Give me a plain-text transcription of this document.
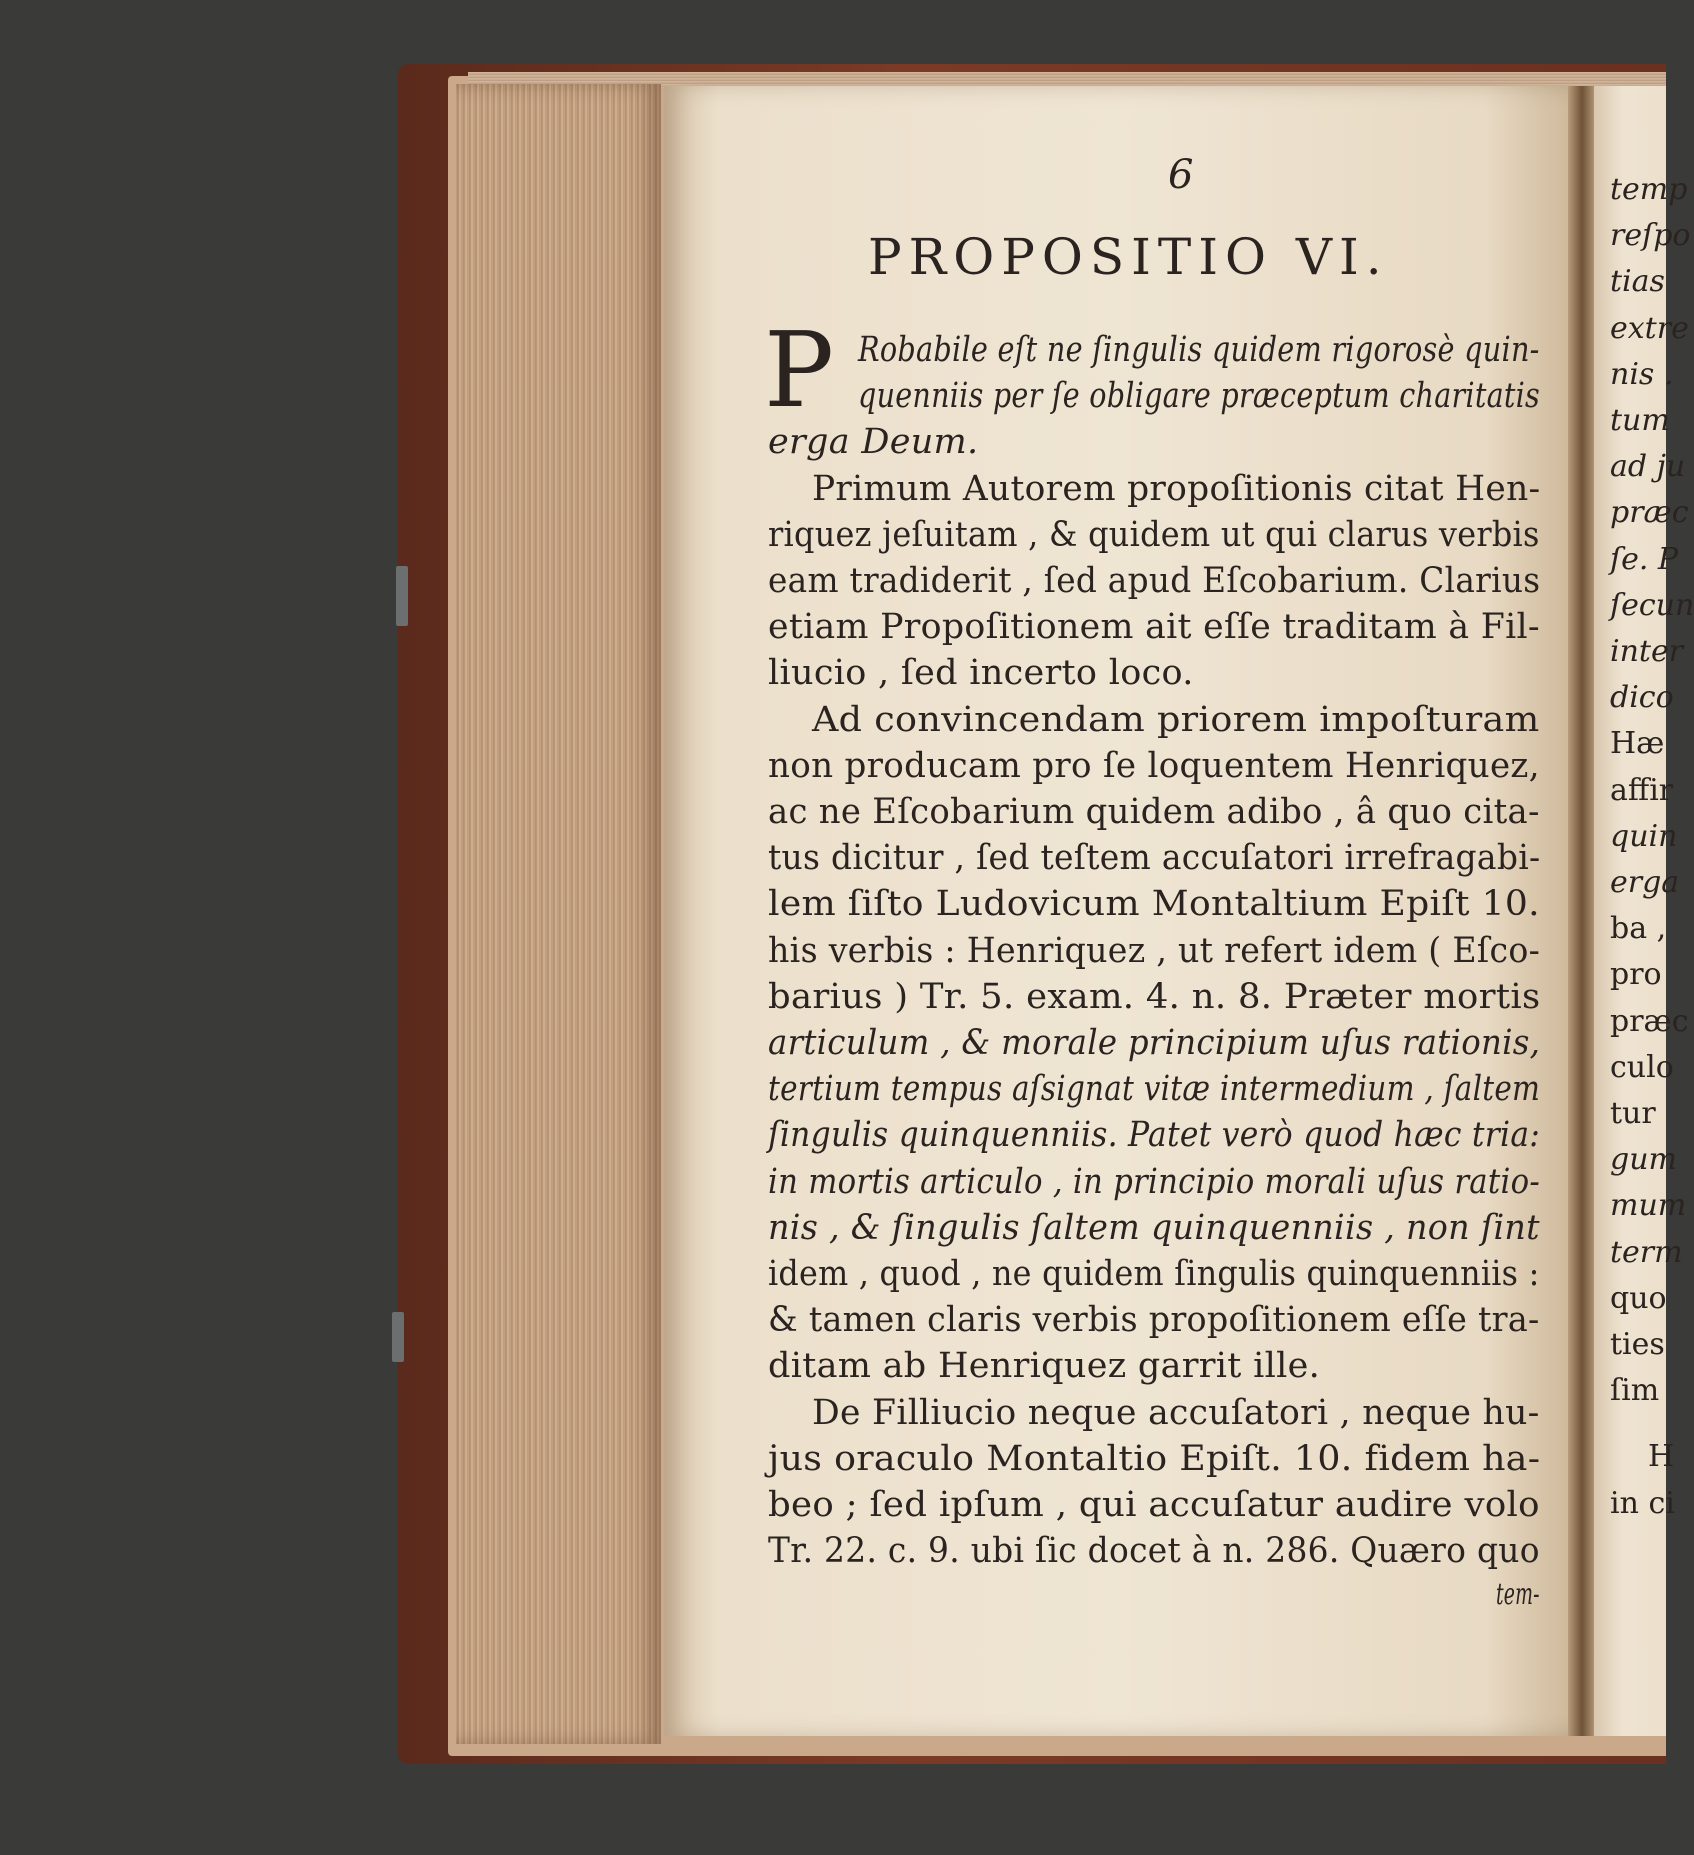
6
PROPOSITIO VI.
P Robabile eſt ne ſingulis quidem rigorosè quin-
quenniis per ſe obligare præceptum charitatis
erga Deum.
Primum Autorem propoſitionis citat Hen-
riquez jeſuitam , & quidem ut qui clarus verbis
eam tradiderit , ſed apud Eſcobarium. Clarius
etiam Propoſitionem ait eſſe traditam à Fil-
liucio , ſed incerto loco.
Ad convincendam priorem impoſturam
non producam pro ſe loquentem Henriquez,
ac ne Eſcobarium quidem adibo , â quo cita-
tus dicitur , ſed teſtem accuſatori irrefragabi-
lem ſiſto Ludovicum Montaltium Epiſt 10.
his verbis : Henriquez , ut refert idem ( Eſco-
barius ) Tr. 5. exam. 4. n. 8. Præter mortis
articulum , & morale principium uſus rationis,
tertium tempus aſsignat vitæ intermedium , ſaltem
ſingulis quinquenniis. Patet verò quod hæc tria:
in mortis articulo , in principio morali uſus ratio-
nis , & ſingulis ſaltem quinquenniis , non ſint
idem , quod , ne quidem ſingulis quinquenniis :
& tamen claris verbis propoſitionem eſſe tra-
ditam ab Henriquez garrit ille.
De Filliucio neque accuſatori , neque hu-
jus oraculo Montaltio Epiſt. 10. fidem ha-
beo ; ſed ipſum , qui accuſatur audire volo
Tr. 22. c. 9. ubi ſic docet à n. 286. Quæro quo
tem-
temp
reſpo
tias
extre
nis .
tum
ad ju
præc
ſe. P
ſecun
inter
dico
Hæ
affir
quin
erga
ba ,
pro
præc
culo
tur
gum
mum
term
quo
ties
ſim
H
in ci
